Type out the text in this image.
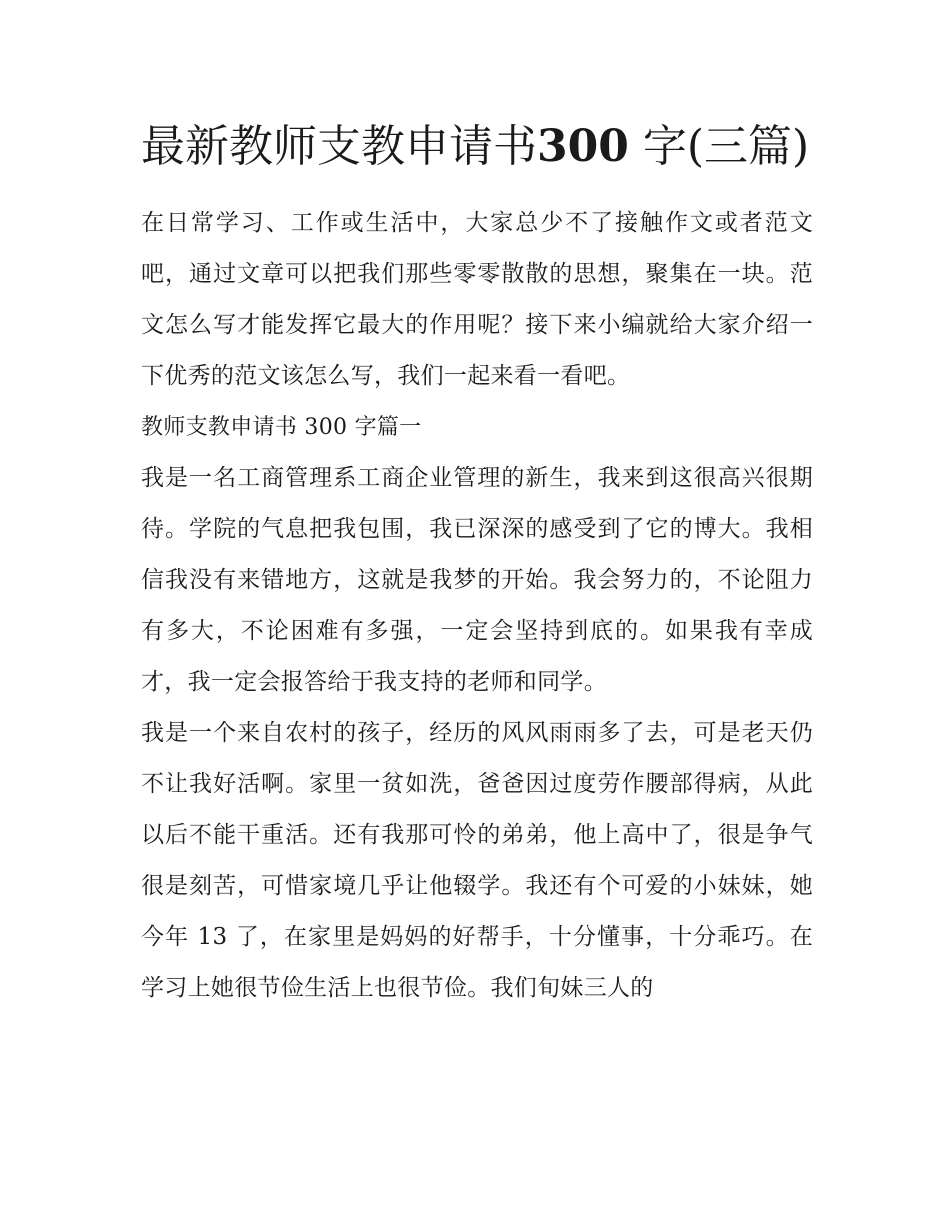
最新教师支教申请书300 字(三篇)

在日常学习、工作或生活中，大家总少不了接触作文或者范文吧，通过文章可以把我们那些零零散散的思想，聚集在一块。范文怎么写才能发挥它最大的作用呢？接下来小编就给大家介绍一下优秀的范文该怎么写，我们一起来看一看吧。

教师支教申请书 300 字篇一

我是一名工商管理系工商企业管理的新生，我来到这很高兴很期待。学院的气息把我包围，我已深深的感受到了它的博大。我相信我没有来错地方，这就是我梦的开始。我会努力的，不论阻力有多大，不论困难有多强，一定会坚持到底的。如果我有幸成才，我一定会报答给于我支持的老师和同学。

我是一个来自农村的孩子，经历的风风雨雨多了去，可是老天仍不让我好活啊。家里一贫如洗，爸爸因过度劳作腰部得病，从此以后不能干重活。还有我那可怜的弟弟，他上高中了，很是争气很是刻苦，可惜家境几乎让他辍学。我还有个可爱的小妹妹，她今年 13 了，在家里是妈妈的好帮手，十分懂事，十分乖巧。在学习上她很节俭生活上也很节俭。我们旬妹三人的
